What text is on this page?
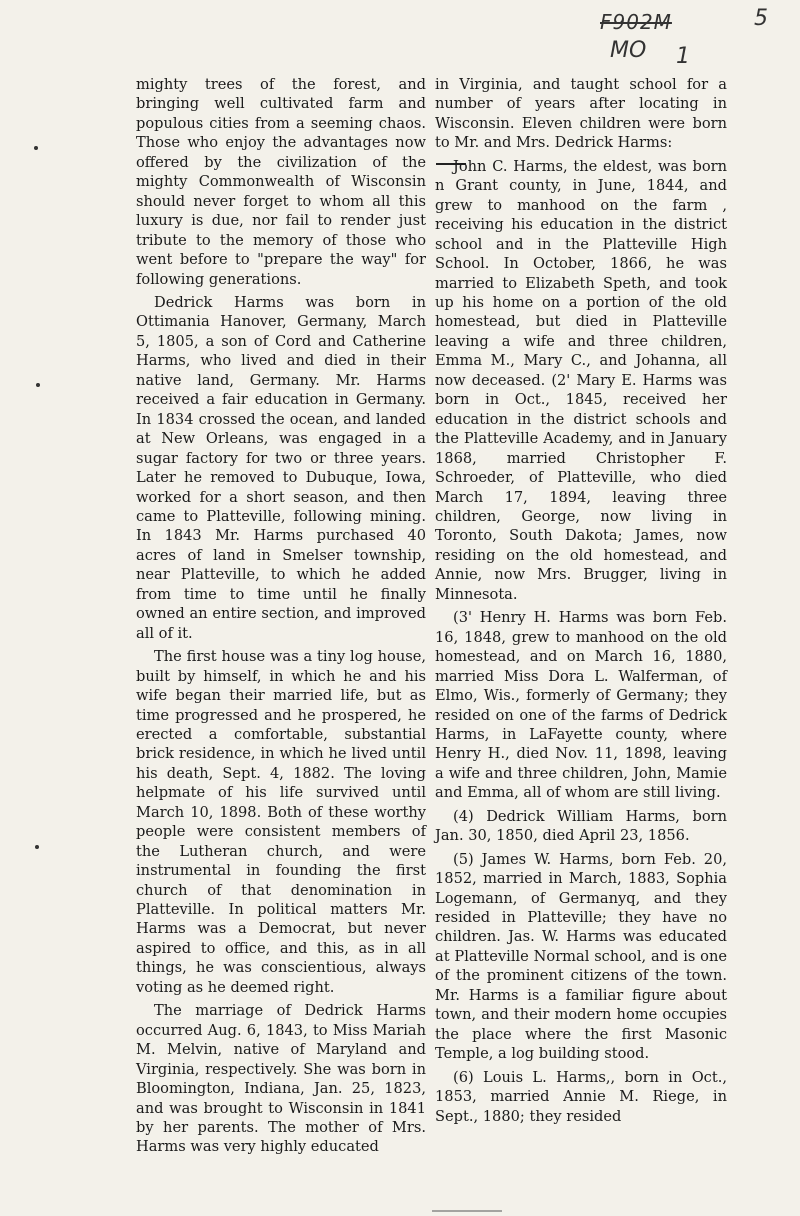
F902M
MO 1
5

mighty trees of the forest, and bringing well cultivated farm and populous cities from a seeming chaos. Those who enjoy the advantages now offered by the civilization of the mighty Commonwealth of Wisconsin should never forget to whom all this luxury is due, nor fail to render just tribute to the memory of those who went before to "prepare the way" for following generations.

Dedrick Harms was born in Ottimania Hanover, Germany, March 5, 1805, a son of Cord and Catherine Harms, who lived and died in their native land, Germany. Mr. Harms received a fair education in Germany. In 1834 crossed the ocean, and landed at New Orleans, was engaged in a sugar factory for two or three years. Later he removed to Dubuque, Iowa, worked for a short season, and then came to Platteville, following mining. In 1843 Mr. Harms purchased 40 acres of land in Smelser township, near Platteville, to which he added from time to time until he finally owned an entire section, and improved all of it.

The first house was a tiny log house, built by himself, in which he and his wife began their married life, but as time progressed and he prospered, he erected a comfortable, substantial brick residence, in which he lived until his death, Sept. 4, 1882. The loving helpmate of his life survived until March 10, 1898. Both of these worthy people were consistent members of the Lutheran church, and were instrumental in founding the first church of that denomination in Platteville. In political matters Mr. Harms was a Democrat, but never aspired to office, and this, as in all things, he was conscientious, always voting as he deemed right.

The marriage of Dedrick Harms occurred Aug. 6, 1843, to Miss Mariah M. Melvin, native of Maryland and Virginia, respectively. She was born in Bloomington, Indiana, Jan. 25, 1823, and was brought to Wisconsin in 1841 by her parents. The mother of Mrs. Harms was very highly educated

in Virginia, and taught school for a number of years after locating in Wisconsin. Eleven children were born to Mr. and Mrs. Dedrick Harms:

John C. Harms, the eldest, was born n Grant county, in June, 1844, and grew to manhood on the farm , receiving his education in the district school and in the Platteville High School. In October, 1866, he was married to Elizabeth Speth, and took up his home on a portion of the old homestead, but died in Platteville leaving a wife and three children, Emma M., Mary C., and Johanna, all now deceased. (2' Mary E. Harms was born in Oct., 1845, received her education in the district schools and the Platteville Academy, and in January 1868, married Christopher F. Schroeder, of Platteville, who died March 17, 1894, leaving three children, George, now living in Toronto, South Dakota; James, now residing on the old homestead, and Annie, now Mrs. Brugger, living in Minnesota.

(3' Henry H. Harms was born Feb. 16, 1848, grew to manhood on the old homestead, and on March 16, 1880, married Miss Dora L. Walferman, of Elmo, Wis., formerly of Germany; they resided on one of the farms of Dedrick Harms, in LaFayette county, where Henry H., died Nov. 11, 1898, leaving a wife and three children, John, Mamie and Emma, all of whom are still living.

(4) Dedrick William Harms, born Jan. 30, 1850, died April 23, 1856.

(5) James W. Harms, born Feb. 20, 1852, married in March, 1883, Sophia Logemann, of Germanyq, and they resided in Platteville; they have no children. Jas. W. Harms was educated at Platteville Normal school, and is one of the prominent citizens of the town. Mr. Harms is a familiar figure about town, and their modern home occupies the place where the first Masonic Temple, a log building stood.

(6) Louis L. Harms,, born in Oct., 1853, married Annie M. Riege, in Sept., 1880; they resided
